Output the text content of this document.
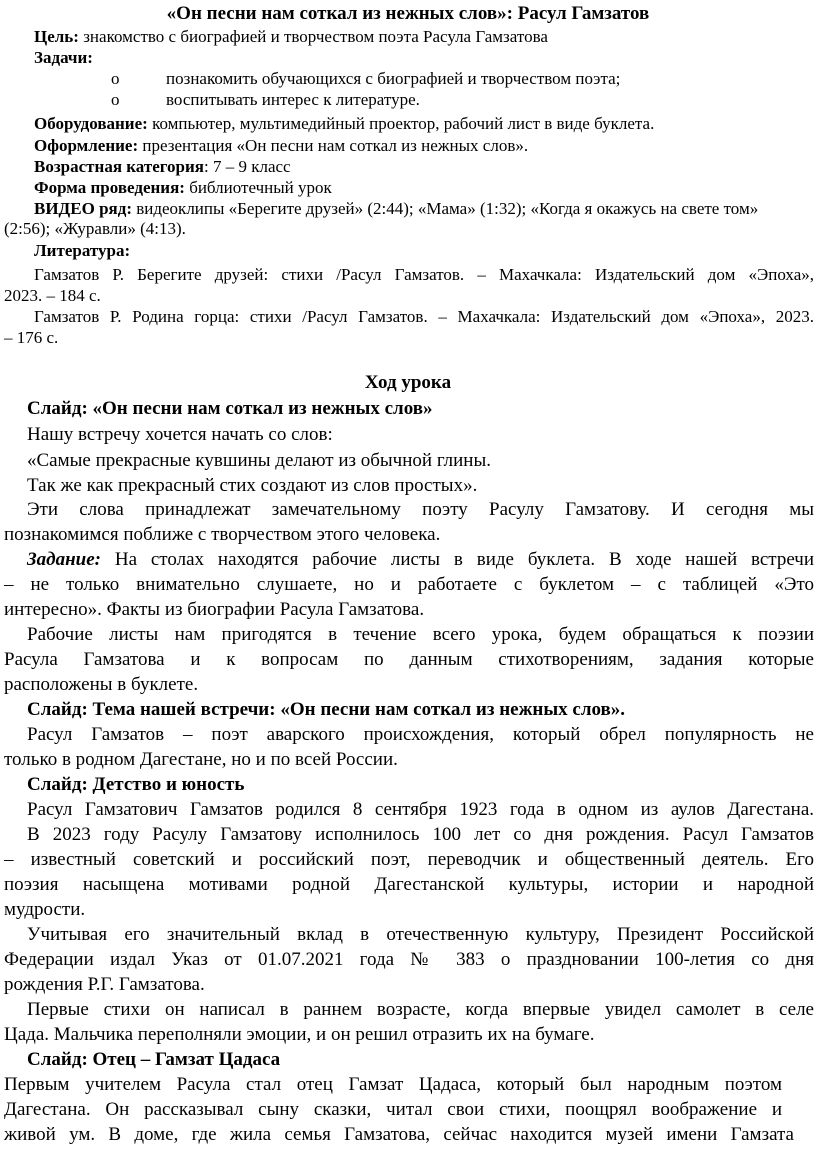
«Он песни нам соткал из нежных слов»: Расул Гамзатов
Цель: знакомство с биографией и творчеством поэта Расула Гамзатова
Задачи:
o	познакомить обучающихся с биографией и творчеством поэта;
o	воспитывать интерес к литературе.
Оборудование: компьютер, мультимедийный проектор, рабочий лист в виде буклета.
Оформление: презентация «Он песни нам соткал из нежных слов».
Возрастная категория: 7 – 9 класс
Форма проведения: библиотечный урок
ВИДЕО ряд: видеоклипы «Берегите друзей» (2:44); «Мама» (1:32); «Когда я окажусь на свете том»
(2:56); «Журавли» (4:13).
Литература:
Гамзатов Р. Берегите друзей: стихи /Расул Гамзатов. – Махачкала: Издательский дом «Эпоха»,
2023. – 184 с.
Гамзатов Р. Родина горца: стихи /Расул Гамзатов. – Махачкала: Издательский дом «Эпоха», 2023.
– 176 с.
Ход урока
Слайд: «Он песни нам соткал из нежных слов»
Нашу встречу хочется начать со слов:
«Самые прекрасные кувшины делают из обычной глины.
Так же как прекрасный стих создают из слов простых».
Эти слова принадлежат замечательному поэту Расулу Гамзатову. И сегодня мы
познакомимся поближе с творчеством этого человека.
Задание: На столах находятся рабочие листы в виде буклета. В ходе нашей встречи
– не только внимательно слушаете, но и работаете с буклетом – с таблицей «Это
интересно». Факты из биографии Расула Гамзатова.
Рабочие листы нам пригодятся в течение всего урока, будем обращаться к поэзии
Расула Гамзатова и к вопросам по данным стихотворениям, задания которые
расположены в буклете.
Слайд: Тема нашей встречи: «Он песни нам соткал из нежных слов».
Расул Гамзатов – поэт аварского происхождения, который обрел популярность не
только в родном Дагестане, но и по всей России.
Слайд: Детство и юность
Расул Гамзатович Гамзатов родился 8 сентября 1923 года в одном из аулов Дагестана.
В 2023 году Расулу Гамзатову исполнилось 100 лет со дня рождения. Расул Гамзатов
– известный советский и российский поэт, переводчик и общественный деятель. Его
поэзия насыщена мотивами родной Дагестанской культуры, истории и народной
мудрости.
Учитывая его значительный вклад в отечественную культуру, Президент Российской
Федерации издал Указ от 01.07.2021 года № 383 о праздновании 100-летия со дня
рождения Р.Г. Гамзатова.
Первые стихи он написал в раннем возрасте, когда впервые увидел самолет в селе
Цада. Мальчика переполняли эмоции, и он решил отразить их на бумаге.
Слайд: Отец – Гамзат Цадаса
Первым учителем Расула стал отец Гамзат Цадаса, который был народным поэтом
Дагестана. Он рассказывал сыну сказки, читал свои стихи, поощрял воображение и
живой ум. В доме, где жила семья Гамзатова, сейчас находится музей имени Гамзата
